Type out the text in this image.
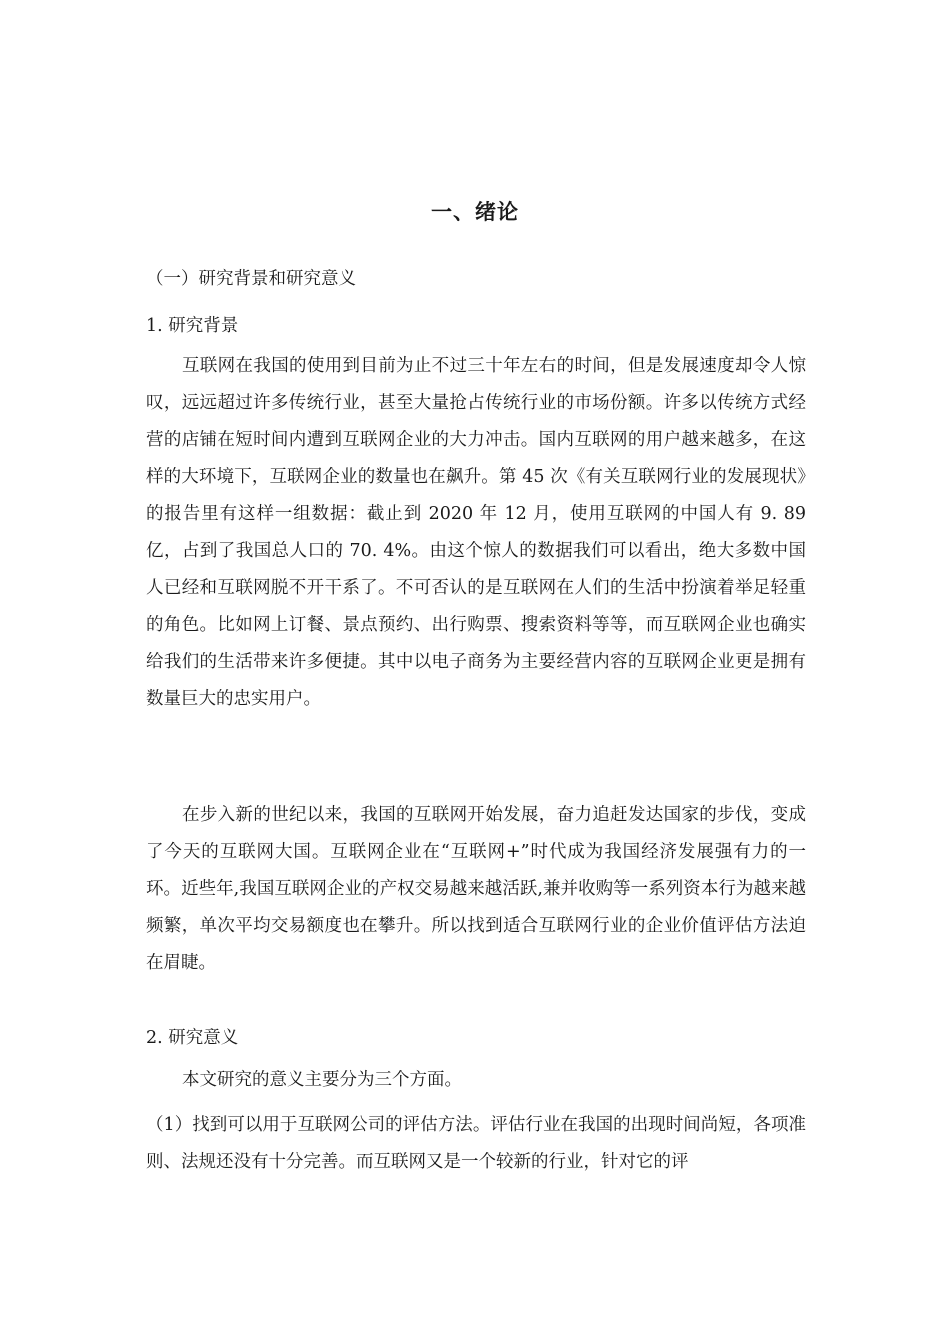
一、绪论
（一）研究背景和研究意义
1. 研究背景

互联网在我国的使用到目前为止不过三十年左右的时间，但是发展速度却令人惊叹，远远超过许多传统行业，甚至大量抢占传统行业的市场份额。许多以传统方式经营的店铺在短时间内遭到互联网企业的大力冲击。国内互联网的用户越来越多，在这样的大环境下，互联网企业的数量也在飙升。第 45 次《有关互联网行业的发展现状》的报告里有这样一组数据：截止到 2020 年 12 月，使用互联网的中国人有 9. 89 亿，占到了我国总人口的 70. 4%。由这个惊人的数据我们可以看出，绝大多数中国人已经和互联网脱不开干系了。不可否认的是互联网在人们的生活中扮演着举足轻重的角色。比如网上订餐、景点预约、出行购票、搜索资料等等，而互联网企业也确实给我们的生活带来许多便捷。其中以电子商务为主要经营内容的互联网企业更是拥有数量巨大的忠实用户。

在步入新的世纪以来，我国的互联网开始发展，奋力追赶发达国家的步伐，变成了今天的互联网大国。互联网企业在“互联网+”时代成为我国经济发展强有力的一环。近些年,我国互联网企业的产权交易越来越活跃,兼并收购等一系列资本行为越来越频繁，单次平均交易额度也在攀升。所以找到适合互联网行业的企业价值评估方法迫在眉睫。

2. 研究意义

本文研究的意义主要分为三个方面。

（1）找到可以用于互联网公司的评估方法。评估行业在我国的出现时间尚短，各项准则、法规还没有十分完善。而互联网又是一个较新的行业，针对它的评
